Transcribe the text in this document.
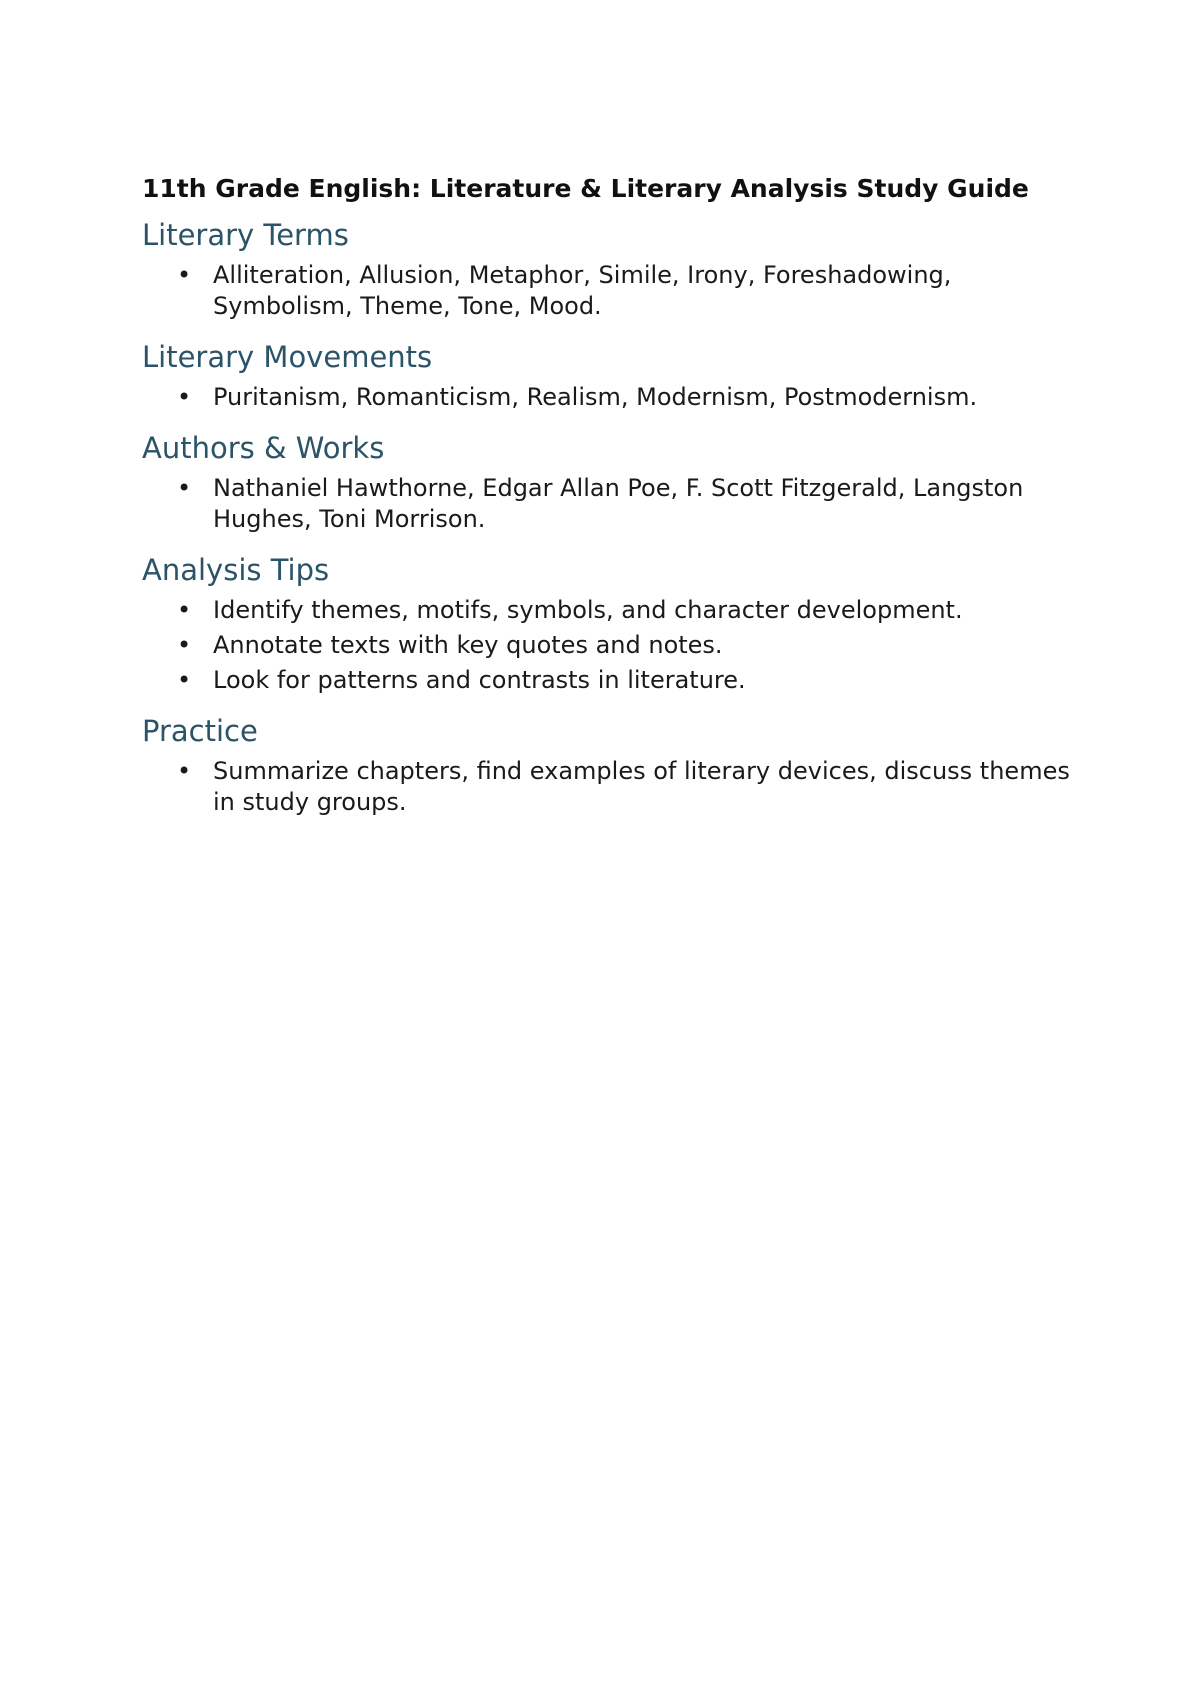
11th Grade English: Literature & Literary Analysis Study Guide
Literary Terms
• Alliteration, Allusion, Metaphor, Simile, Irony, Foreshadowing, Symbolism, Theme, Tone, Mood.
Literary Movements
• Puritanism, Romanticism, Realism, Modernism, Postmodernism.
Authors & Works
• Nathaniel Hawthorne, Edgar Allan Poe, F. Scott Fitzgerald, Langston Hughes, Toni Morrison.
Analysis Tips
• Identify themes, motifs, symbols, and character development.
• Annotate texts with key quotes and notes.
• Look for patterns and contrasts in literature.
Practice
• Summarize chapters, find examples of literary devices, discuss themes in study groups.
